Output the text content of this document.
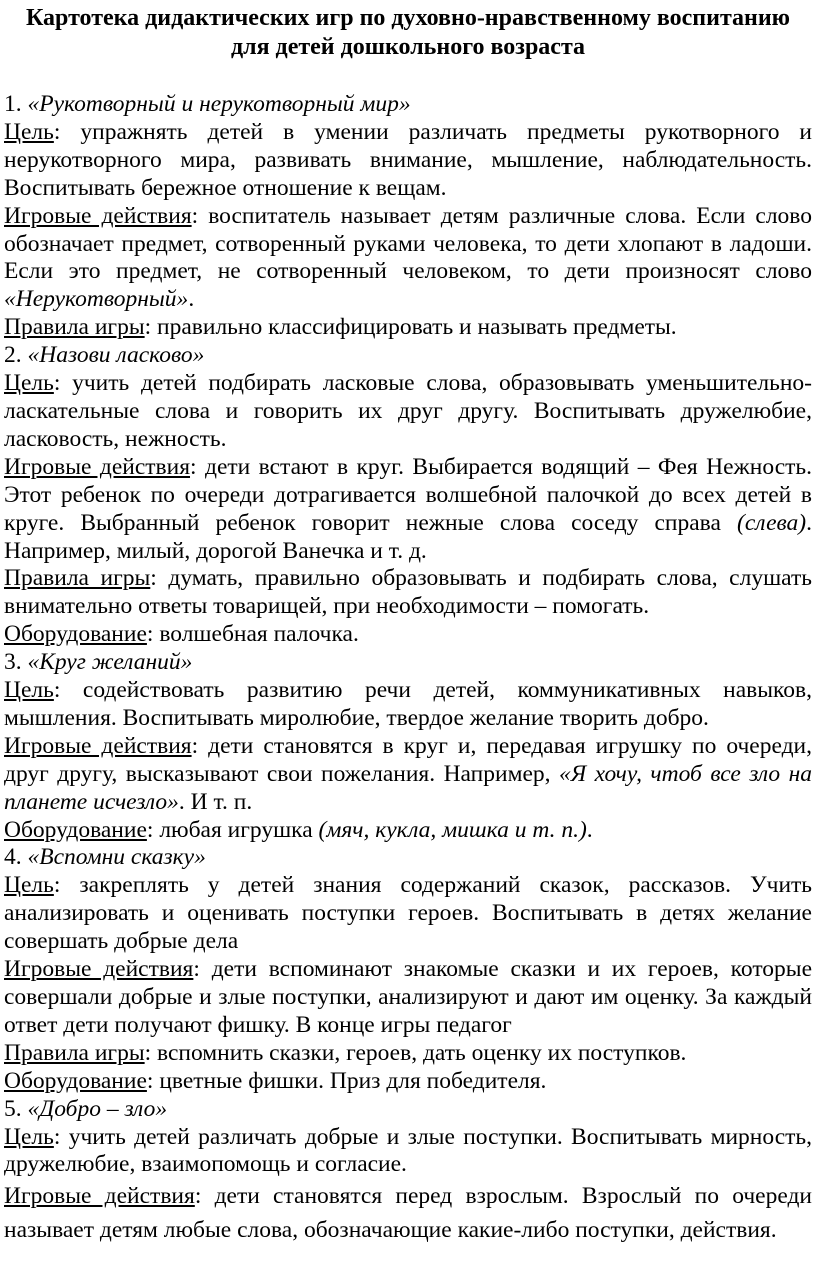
Картотека дидактических игр по духовно-нравственному воспитанию
для детей дошкольного возраста
1. «Рукотворный и нерукотворный мир»

Цель: упражнять детей в умении различать предметы рукотворного и нерукотворного мира, развивать внимание, мышление, наблюдательность. Воспитывать бережное отношение к вещам.

Игровые действия: воспитатель называет детям различные слова. Если слово обозначает предмет, сотворенный руками человека, то дети хлопают в ладоши. Если это предмет, не сотворенный человеком, то дети произносят слово «Нерукотворный».

Правила игры: правильно классифицировать и называть предметы.

2. «Назови ласково»

Цель: учить детей подбирать ласковые слова, образовывать уменьшительно-ласкательные слова и говорить их друг другу. Воспитывать дружелюбие, ласковость, нежность.

Игровые действия: дети встают в круг. Выбирается водящий – Фея Нежность. Этот ребенок по очереди дотрагивается волшебной палочкой до всех детей в круге. Выбранный ребенок говорит нежные слова соседу справа (слева). Например, милый, дорогой Ванечка и т. д.

Правила игры: думать, правильно образовывать и подбирать слова, слушать внимательно ответы товарищей, при необходимости – помогать.

Оборудование: волшебная палочка.

3. «Круг желаний»

Цель: содействовать развитию речи детей, коммуникативных навыков, мышления. Воспитывать миролюбие, твердое желание творить добро.

Игровые действия: дети становятся в круг и, передавая игрушку по очереди, друг другу, высказывают свои пожелания. Например, «Я хочу, чтоб все зло на планете исчезло». И т. п.

Оборудование: любая игрушка (мяч, кукла, мишка и т. п.).

4. «Вспомни сказку»

Цель: закреплять у детей знания содержаний сказок, рассказов. Учить анализировать и оценивать поступки героев. Воспитывать в детях желание совершать добрые дела

Игровые действия: дети вспоминают знакомые сказки и их героев, которые совершали добрые и злые поступки, анализируют и дают им оценку. За каждый ответ дети получают фишку. В конце игры педагог

Правила игры: вспомнить сказки, героев, дать оценку их поступков.

Оборудование: цветные фишки. Приз для победителя.

5. «Добро – зло»

Цель: учить детей различать добрые и злые поступки. Воспитывать мирность, дружелюбие, взаимопомощь и согласие.

Игровые действия: дети становятся перед взрослым. Взрослый по очереди называет детям любые слова, обозначающие какие-либо поступки, действия.
